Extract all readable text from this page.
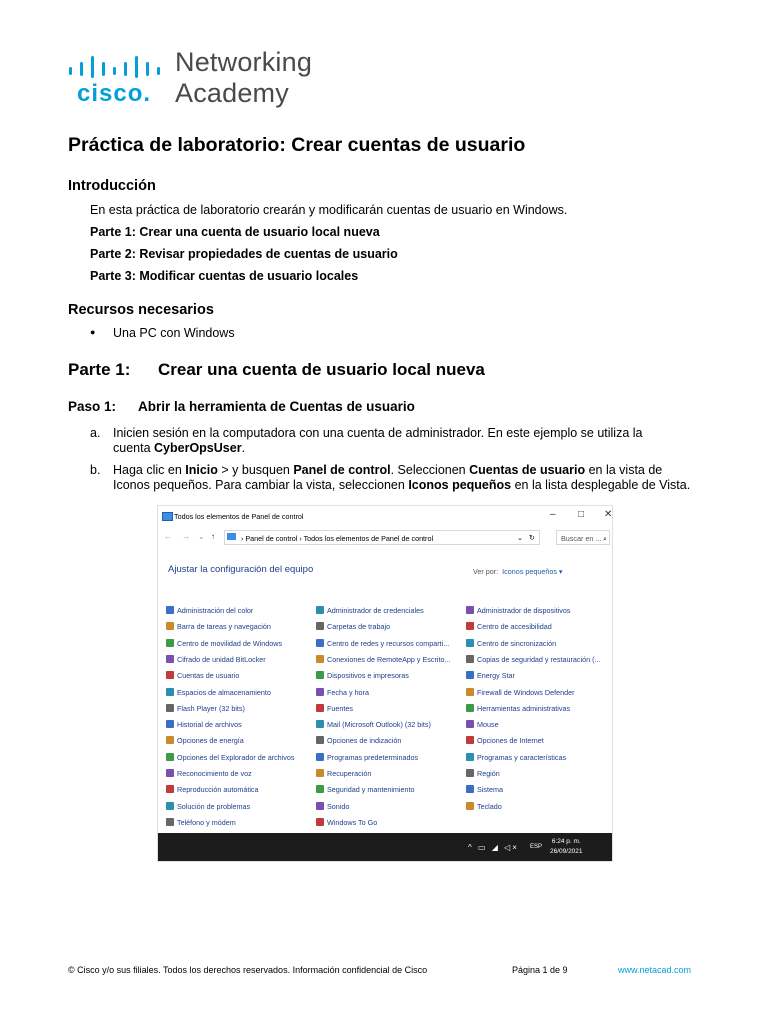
cisco.
Networking
Academy
Práctica de laboratorio: Crear cuentas de usuario
Introducción
En esta práctica de laboratorio crearán y modificarán cuentas de usuario en Windows.
Parte 1: Crear una cuenta de usuario local nueva
Parte 2: Revisar propiedades de cuentas de usuario
Parte 3: Modificar cuentas de usuario locales
Recursos necesarios
● Una PC con Windows
Parte 1: Crear una cuenta de usuario local nueva
Paso 1: Abrir la herramienta de Cuentas de usuario
a. Inicien sesión en la computadora con una cuenta de administrador. En este ejemplo se utiliza la
cuenta CyberOpsUser.
b. Haga clic en Inicio > y busquen Panel de control. Seleccionen Cuentas de usuario en la vista de
Iconos pequeños. Para cambiar la vista, seleccionen Iconos pequeños en la lista desplegable de Vista.
Todos los elementos de Panel de control	– □ ✕
← → ⌄ ↑	› Panel de control › Todos los elementos de Panel de control	⌄ ↻	Buscar en ... ⌕
Ajustar la configuración del equipo	Ver por: Iconos pequeños ▾
Administración del color
Barra de tareas y navegación
Centro de movilidad de Windows
Cifrado de unidad BitLocker
Cuentas de usuario
Espacios de almacenamiento
Flash Player (32 bits)
Historial de archivos
Opciones de energía
Opciones del Explorador de archivos
Reconocimiento de voz
Reproducción automática
Solución de problemas
Teléfono y módem
Administrador de credenciales
Carpetas de trabajo
Centro de redes y recursos comparti...
Conexiones de RemoteApp y Escrito...
Dispositivos e impresoras
Fecha y hora
Fuentes
Mail (Microsoft Outlook) (32 bits)
Opciones de indización
Programas predeterminados
Recuperación
Seguridad y mantenimiento
Sonido
Windows To Go
Administrador de dispositivos
Centro de accesibilidad
Centro de sincronización
Copias de seguridad y restauración (...
Energy Star
Firewall de Windows Defender
Herramientas administrativas
Mouse
Opciones de Internet
Programas y características
Región
Sistema
Teclado
^ ▭ ◢ ◁× ESP
6:24 p. m.
26/09/2021
© Cisco y/o sus filiales. Todos los derechos reservados. Información confidencial de Cisco	Página 1 de 9	www.netacad.com
